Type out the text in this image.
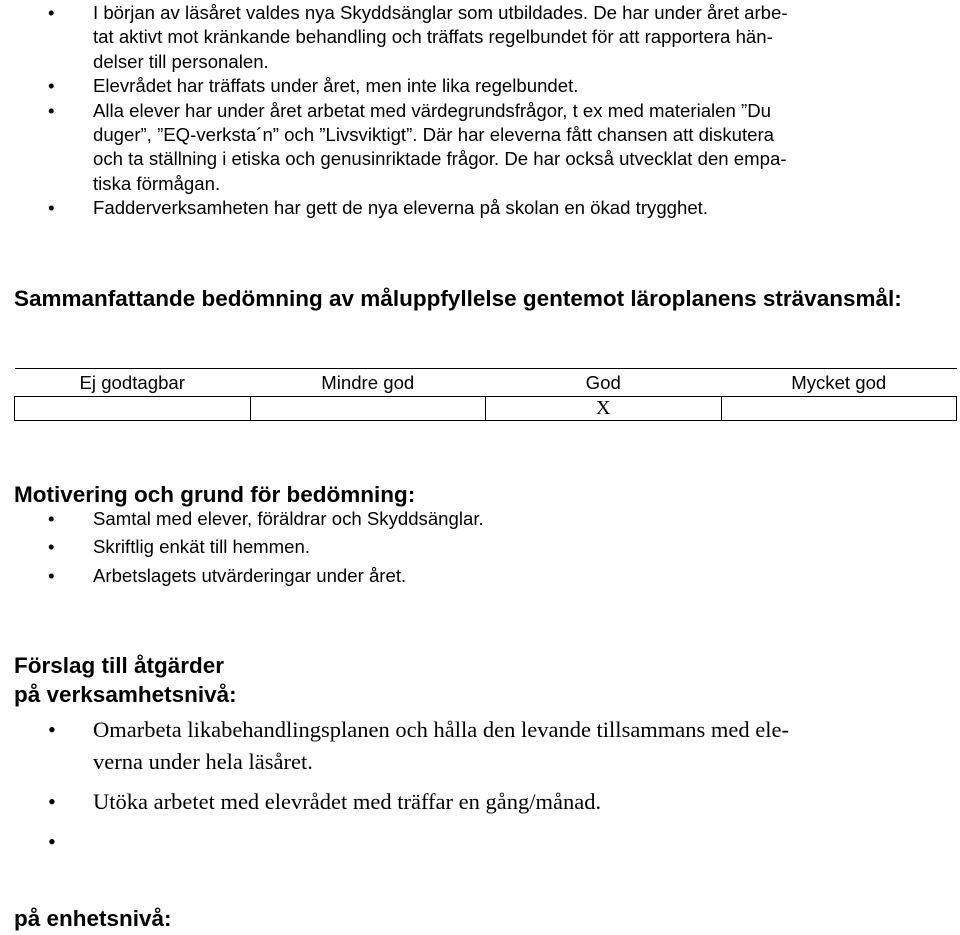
• I början av läsåret valdes nya Skyddsänglar som utbildades. De har under året arbe-
tat aktivt mot kränkande behandling och träffats regelbundet för att rapportera hän-
delser till personalen.
• Elevrådet har träffats under året, men inte lika regelbundet.
• Alla elever har under året arbetat med värdegrundsfrågor, t ex med materialen ”Du
duger”, ”EQ-verksta´n” och ”Livsviktigt”. Där har eleverna fått chansen att diskutera
och ta ställning i etiska och genusinriktade frågor. De har också utvecklat den empa-
tiska förmågan.
• Fadderverksamheten har gett de nya eleverna på skolan en ökad trygghet.
Sammanfattande bedömning av måluppfyllelse gentemot läroplanens strävansmål:
Ej godtagbar	Mindre god	God	Mycket god
		X	
Motivering och grund för bedömning:
• Samtal med elever, föräldrar och Skyddsänglar.
• Skriftlig enkät till hemmen.
• Arbetslagets utvärderingar under året.
Förslag till åtgärder
på verksamhetsnivå:
• Omarbeta likabehandlingsplanen och hålla den levande tillsammans med ele-
verna under hela läsåret.
• Utöka arbetet med elevrådet med träffar en gång/månad.
•

på enhetsnivå:
